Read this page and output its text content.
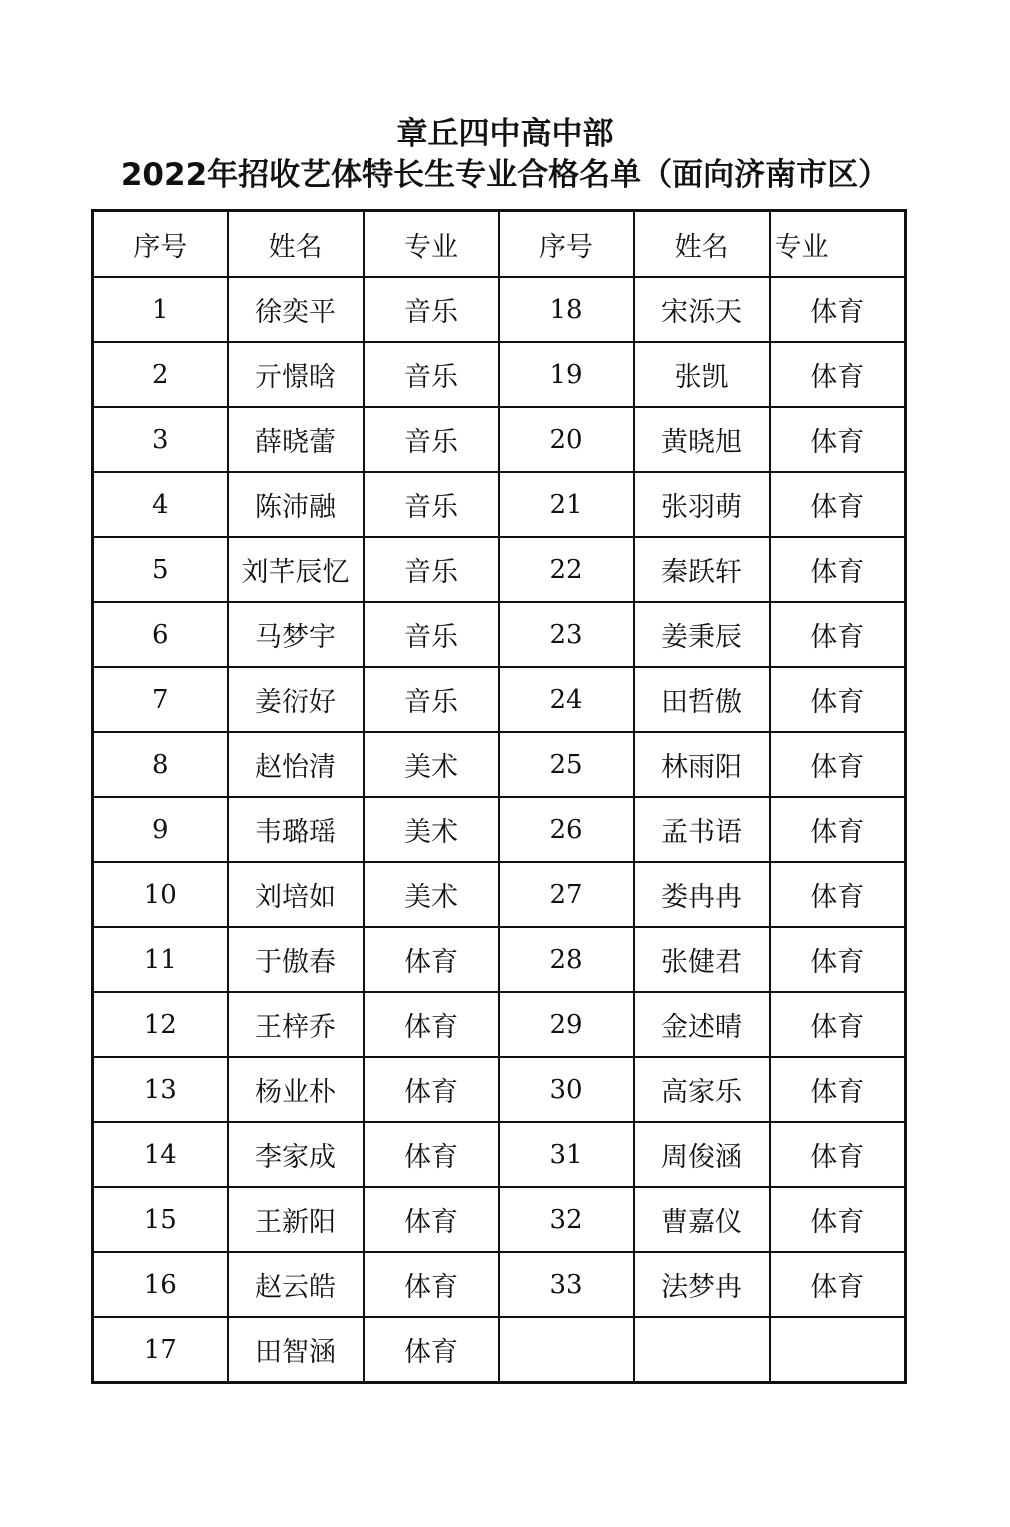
章丘四中高中部
2022年招收艺体特长生专业合格名单（面向济南市区）
序号	姓名	专业	序号	姓名	专业
1	徐奕平	音乐	18	宋泺天	体育
2	亓憬晗	音乐	19	张凯	体育
3	薛晓蕾	音乐	20	黄晓旭	体育
4	陈沛融	音乐	21	张羽萌	体育
5	刘芊辰忆	音乐	22	秦跃轩	体育
6	马梦宇	音乐	23	姜秉辰	体育
7	姜衍好	音乐	24	田哲傲	体育
8	赵怡清	美术	25	林雨阳	体育
9	韦璐瑶	美术	26	孟书语	体育
10	刘培如	美术	27	娄冉冉	体育
11	于傲春	体育	28	张健君	体育
12	王梓乔	体育	29	金述晴	体育
13	杨业朴	体育	30	高家乐	体育
14	李家成	体育	31	周俊涵	体育
15	王新阳	体育	32	曹嘉仪	体育
16	赵云皓	体育	33	法梦冉	体育
17	田智涵	体育			
